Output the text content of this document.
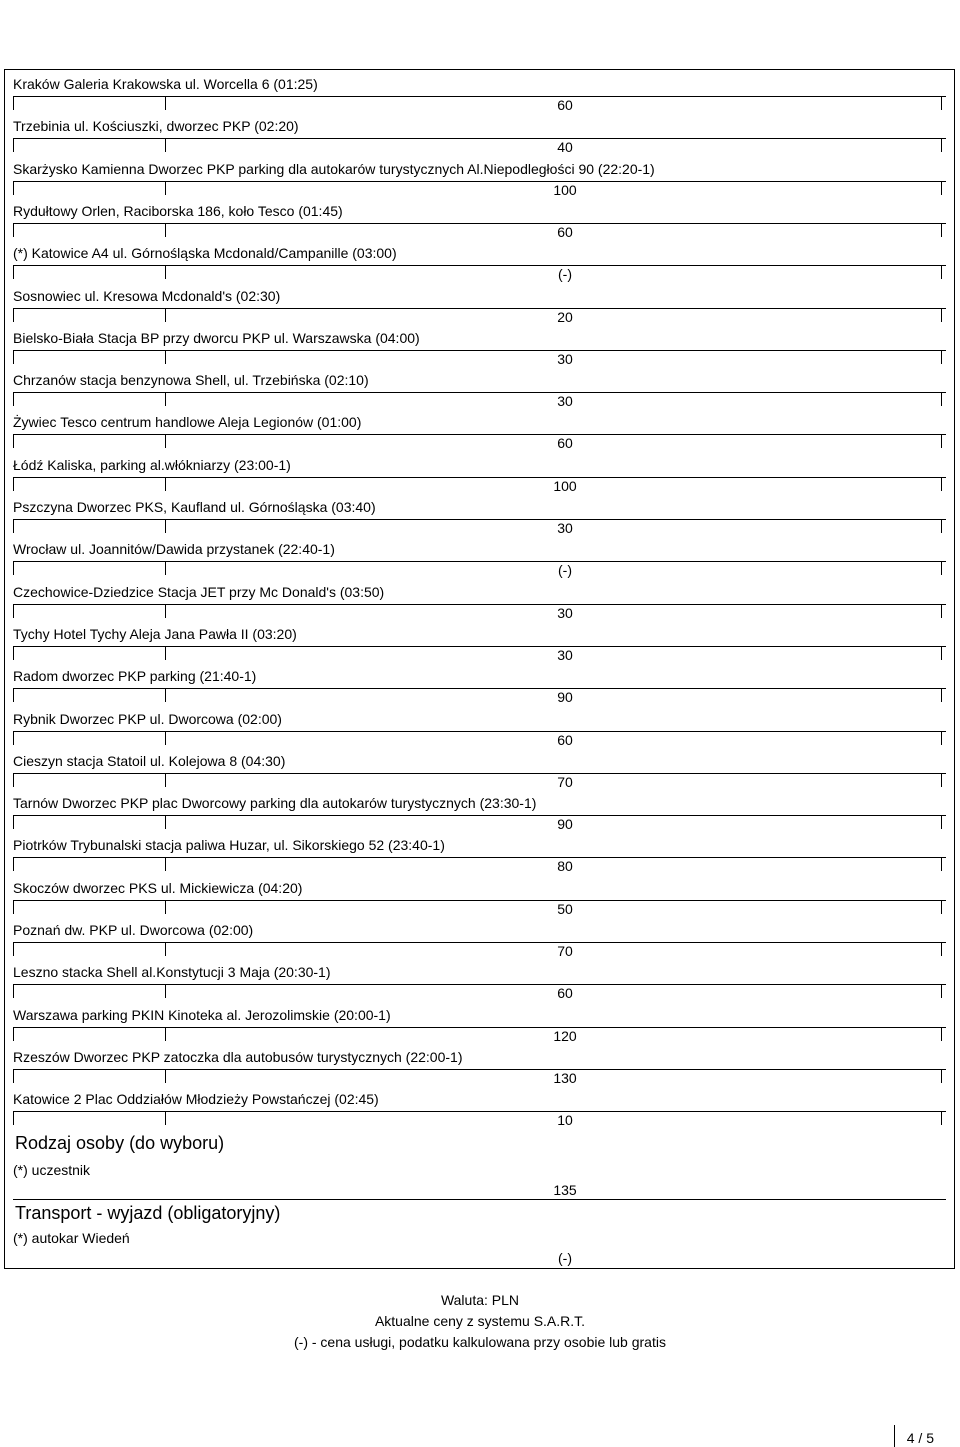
Kraków Galeria Krakowska ul. Worcella 6 (01:25)
60
Trzebinia ul. Kościuszki, dworzec PKP (02:20)
40
Skarżysko Kamienna Dworzec PKP parking dla autokarów turystycznych Al.Niepodległości 90 (22:20-1)
100
Rydułtowy Orlen, Raciborska 186, koło Tesco (01:45)
60
(*) Katowice A4 ul. Górnośląska Mcdonald/Campanille (03:00)
(-)
Sosnowiec ul. Kresowa Mcdonald's (02:30)
20
Bielsko-Biała Stacja BP przy dworcu PKP ul. Warszawska (04:00)
30
Chrzanów stacja benzynowa Shell, ul. Trzebińska (02:10)
30
Żywiec Tesco centrum handlowe Aleja Legionów (01:00)
60
Łódź Kaliska, parking al.włókniarzy (23:00-1)
100
Pszczyna Dworzec PKS, Kaufland ul. Górnośląska (03:40)
30
Wrocław ul. Joannitów/Dawida przystanek (22:40-1)
(-)
Czechowice-Dziedzice Stacja JET przy Mc Donald's (03:50)
30
Tychy Hotel Tychy Aleja Jana Pawła II (03:20)
30
Radom dworzec PKP parking (21:40-1)
90
Rybnik Dworzec PKP ul. Dworcowa (02:00)
60
Cieszyn stacja Statoil ul. Kolejowa 8 (04:30)
70
Tarnów Dworzec PKP plac Dworcowy parking dla autokarów turystycznych (23:30-1)
90
Piotrków Trybunalski stacja paliwa Huzar, ul. Sikorskiego 52 (23:40-1)
80
Skoczów dworzec PKS ul. Mickiewicza (04:20)
50
Poznań dw. PKP ul. Dworcowa (02:00)
70
Leszno stacka Shell al.Konstytucji 3 Maja (20:30-1)
60
Warszawa parking PKIN Kinoteka al. Jerozolimskie (20:00-1)
120
Rzeszów Dworzec PKP zatoczka dla autobusów turystycznych (22:00-1)
130
Katowice 2 Plac Oddziałów Młodzieży Powstańczej (02:45)
10
Rodzaj osoby (do wyboru)
(*) uczestnik
135
Transport - wyjazd (obligatoryjny)
(*) autokar Wiedeń
(-)
Waluta: PLN
Aktualne ceny z systemu S.A.R.T.
(-) - cena usługi, podatku kalkulowana przy osobie lub gratis
4 / 5
